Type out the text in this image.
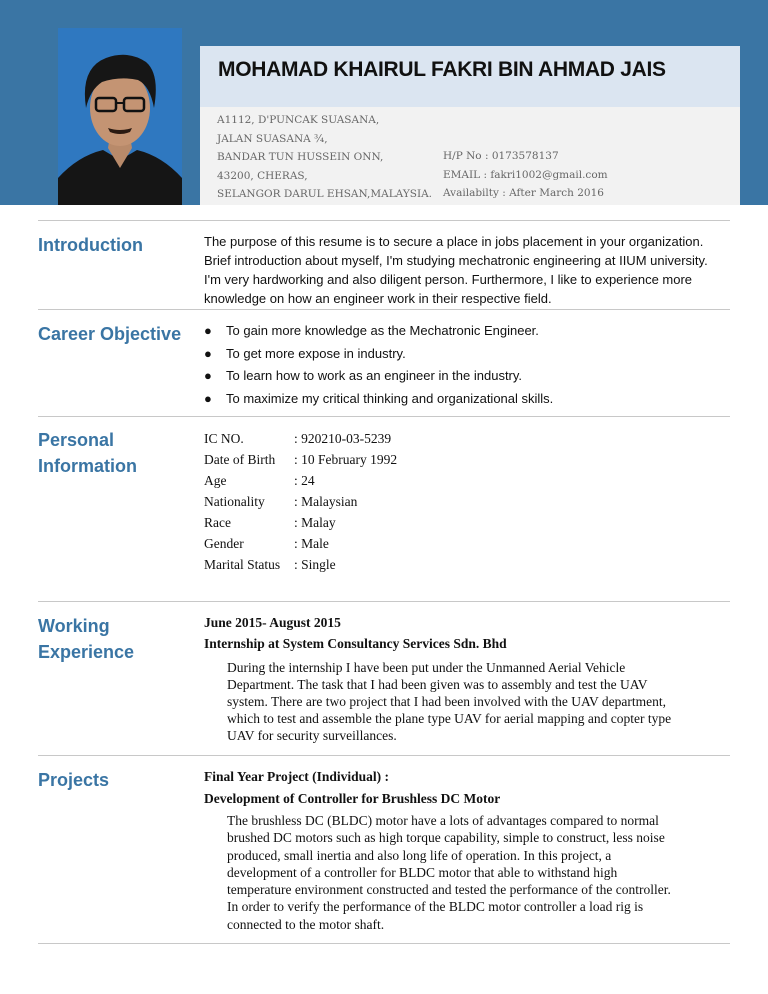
MOHAMAD KHAIRUL FAKRI BIN AHMAD JAIS
A1112, D'PUNCAK SUASANA,
JALAN SUASANA ¾,
BANDAR TUN HUSSEIN ONN,
43200, CHERAS,
SELANGOR DARUL EHSAN,MALAYSIA.
H/P No : 0173578137
EMAIL : fakri1002@gmail.com
Availabilty : After March 2016
Introduction	The purpose of this resume is to secure a place in jobs placement in your organization.
Brief introduction about myself, I'm studying mechatronic engineering at IIUM university.
I'm very hardworking and also diligent person. Furthermore, I like to experience more
knowledge on how an engineer work in their respective field.
Career Objective ● To gain more knowledge as the Mechatronic Engineer.
● To get more expose in industry.
● To learn how to work as an engineer in the industry.
● To maximize my critical thinking and organizational skills.
Personal
Information
IC NO.	: 920210-03-5239
Date of Birth : 10 February 1992
Age	: 24
Nationality : Malaysian
Race	: Malay
Gender	: Male
Marital Status : Single
Working
Experience
June 2015- August 2015
Internship at System Consultancy Services Sdn. Bhd
During the internship I have been put under the Unmanned Aerial Vehicle
Department. The task that I had been given was to assembly and test the UAV
system. There are two project that I had been involved with the UAV department,
which to test and assemble the plane type UAV for aerial mapping and copter type
UAV for security surveillances.
Projects	Final Year Project (Individual) :
Development of Controller for Brushless DC Motor
The brushless DC (BLDC) motor have a lots of advantages compared to normal
brushed DC motors such as high torque capability, simple to construct, less noise
produced, small inertia and also long life of operation. In this project, a
development of a controller for BLDC motor that able to withstand high
temperature environment constructed and tested the performance of the controller.
In order to verify the performance of the BLDC motor controller a load rig is
connected to the motor shaft.
